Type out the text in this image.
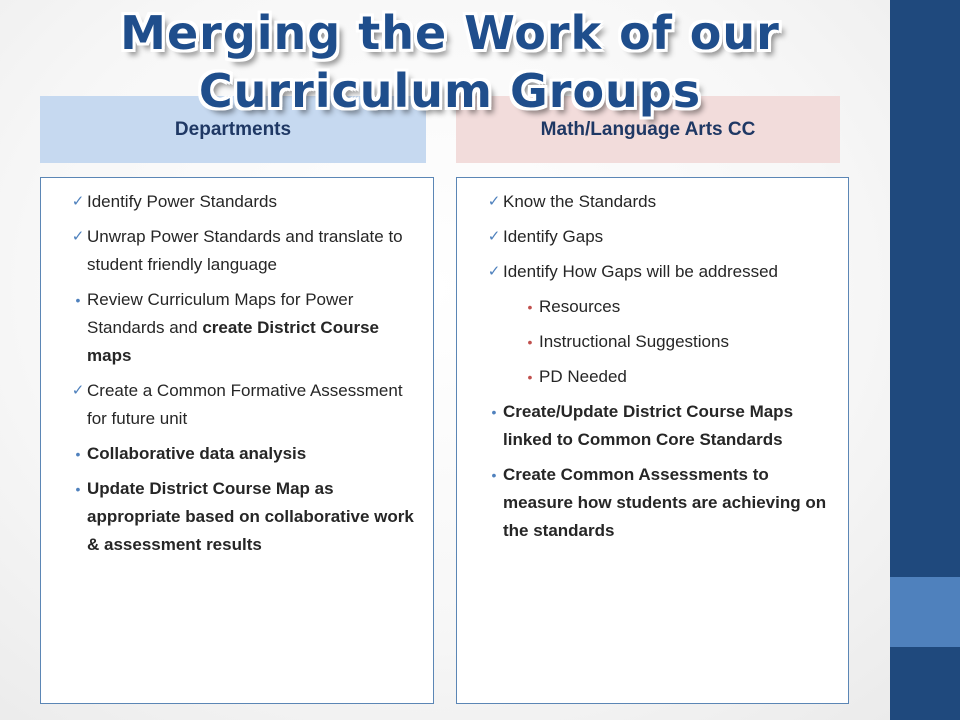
Departments	Math/Language Arts CC
Merging the Work of our
Curriculum Groups
✓ Identify Power Standards
✓ Unwrap Power Standards and translate to student friendly language
• Review Curriculum Maps for Power Standards and create District Course maps
✓ Create a Common Formative Assessment for future unit
• Collaborative data analysis
• Update District Course Map as appropriate based on collaborative work & assessment results
✓ Know the Standards
✓ Identify Gaps
✓ Identify How Gaps will be addressed
• Resources
• Instructional Suggestions
• PD Needed
• Create/Update District Course Maps linked to Common Core Standards
• Create Common Assessments to measure how students are achieving on the standards
